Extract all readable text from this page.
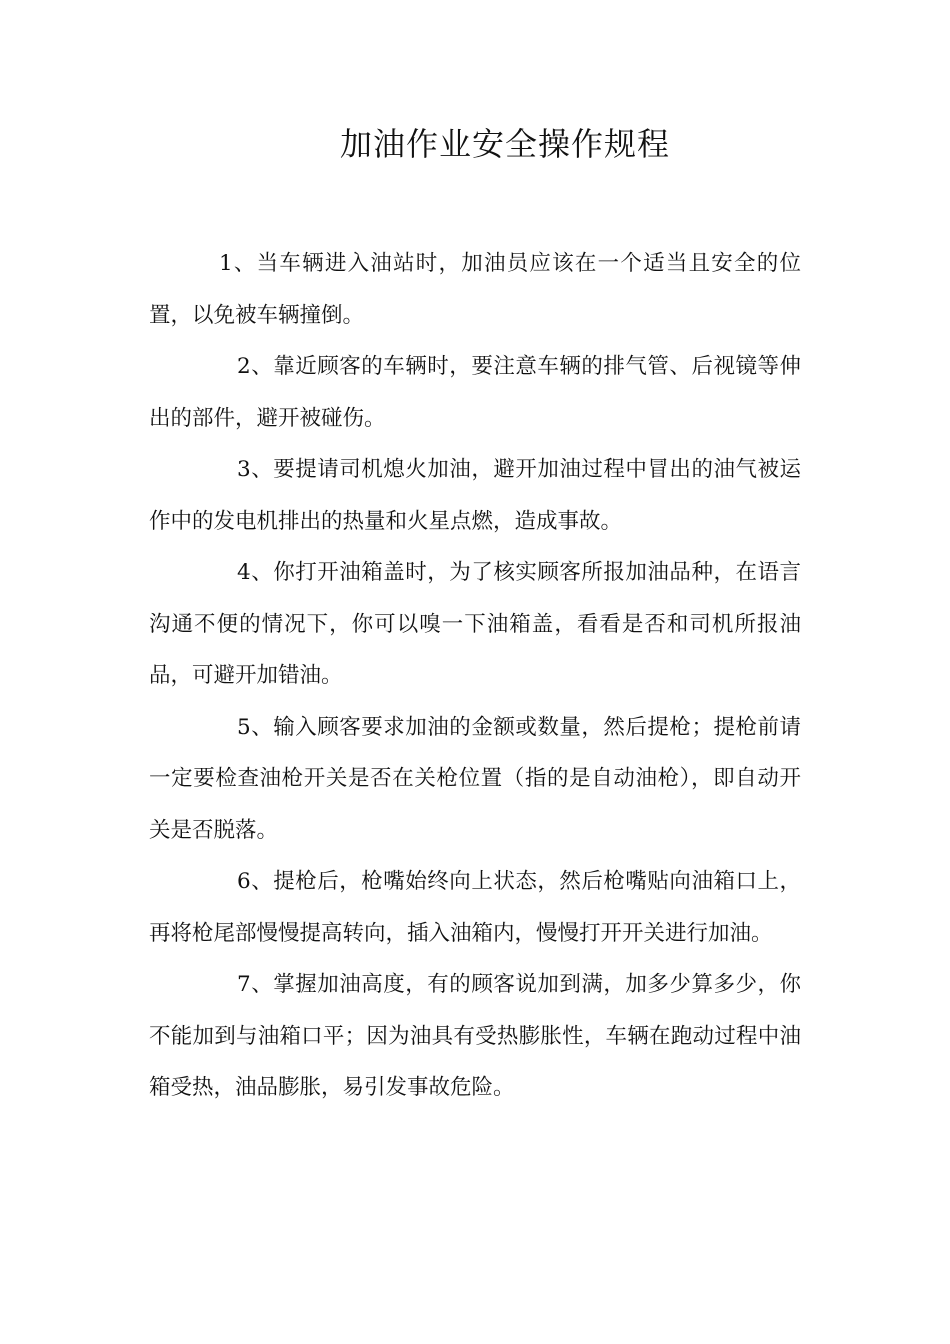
加油作业安全操作规程

1、当车辆进入油站时，加油员应该在一个适当且安全的位置，以免被车辆撞倒。

2、靠近顾客的车辆时，要注意车辆的排气管、后视镜等伸出的部件，避开被碰伤。

3、要提请司机熄火加油，避开加油过程中冒出的油气被运作中的发电机排出的热量和火星点燃，造成事故。

4、你打开油箱盖时，为了核实顾客所报加油品种，在语言沟通不便的情况下，你可以嗅一下油箱盖，看看是否和司机所报油品，可避开加错油。

5、输入顾客要求加油的金额或数量，然后提枪；提枪前请一定要检查油枪开关是否在关枪位置（指的是自动油枪），即自动开关是否脱落。

6、提枪后，枪嘴始终向上状态，然后枪嘴贴向油箱口上，再将枪尾部慢慢提高转向，插入油箱内，慢慢打开开关进行加油。

7、掌握加油高度，有的顾客说加到满，加多少算多少，你不能加到与油箱口平；因为油具有受热膨胀性，车辆在跑动过程中油箱受热，油品膨胀，易引发事故危险。
